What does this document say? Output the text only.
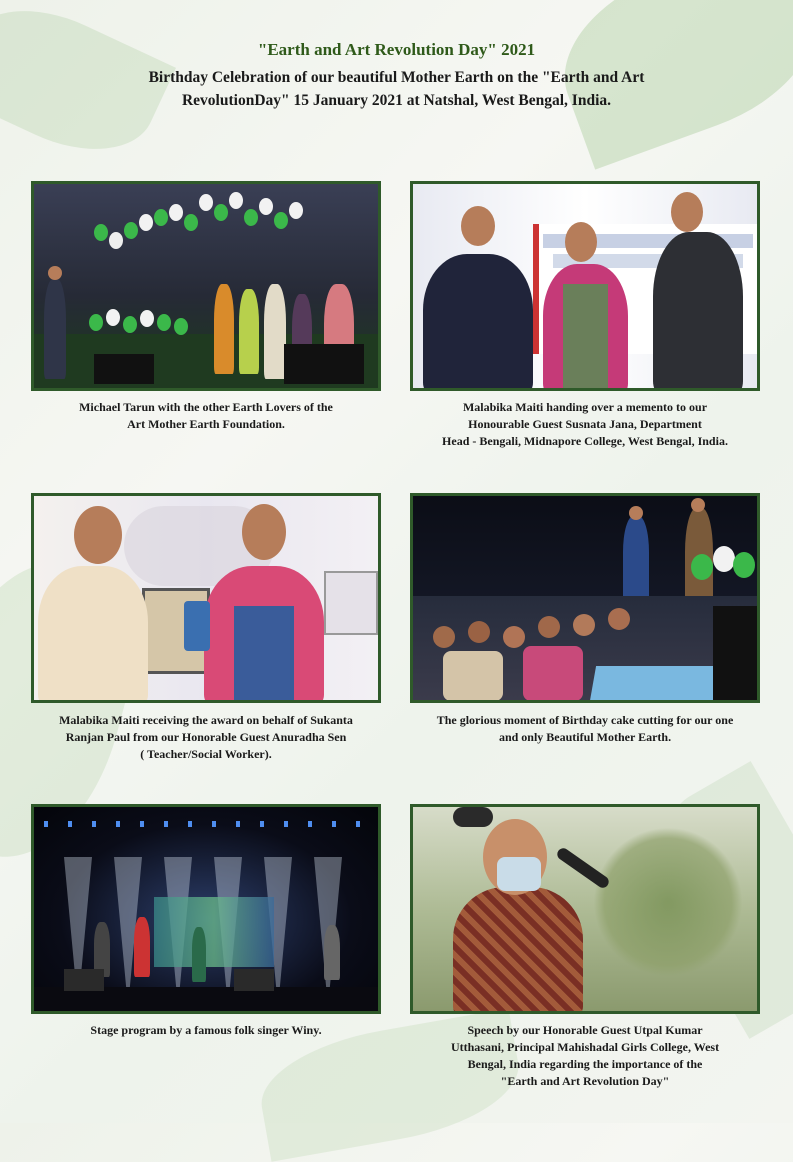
"Earth and Art Revolution Day" 2021

Birthday Celebration of our beautiful Mother Earth on the "Earth and Art
RevolutionDay" 15 January 2021 at Natshal, West Bengal, India.

Michael Tarun with the other Earth Lovers of the
Art Mother Earth Foundation.
Malabika Maiti handing over a memento to our
Honourable Guest Susnata Jana, Department
Head - Bengali, Midnapore College, West Bengal, India.
Malabika Maiti receiving the award on behalf of Sukanta
Ranjan Paul from our Honorable Guest Anuradha Sen
( Teacher/Social Worker).
The glorious moment of Birthday cake cutting for our one
and only Beautiful Mother Earth.
Stage program by a famous folk singer Winy.	Speech by our Honorable Guest Utpal Kumar
Utthasani, Principal Mahishadal Girls College, West
Bengal, India regarding the importance of the
"Earth and Art Revolution Day"
